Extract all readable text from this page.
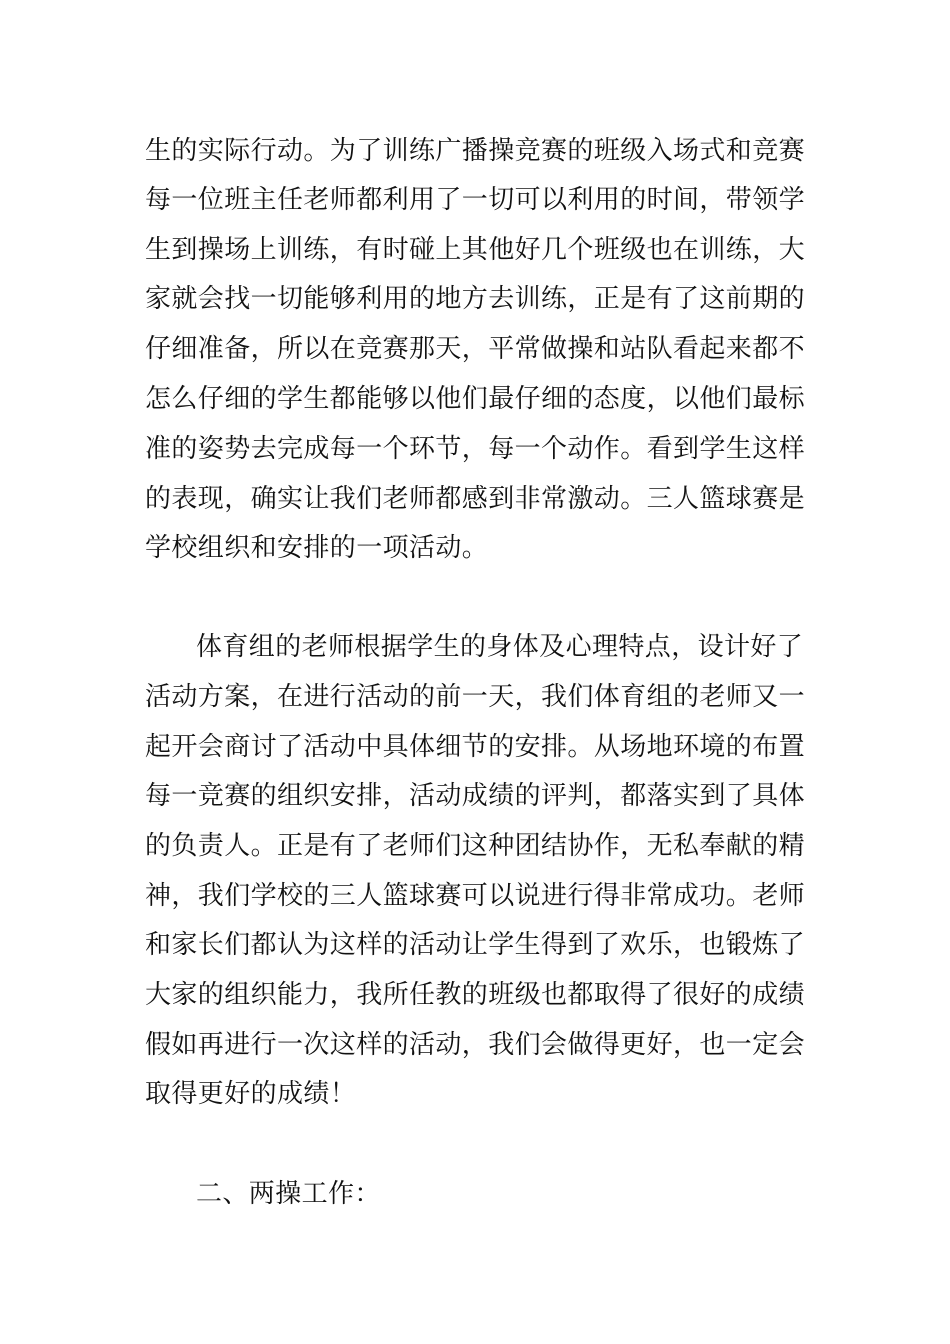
生的实际行动。为了训练广播操竞赛的班级入场式和竞赛
每一位班主任老师都利用了一切可以利用的时间，带领学
生到操场上训练，有时碰上其他好几个班级也在训练，大
家就会找一切能够利用的地方去训练，正是有了这前期的
仔细准备，所以在竞赛那天，平常做操和站队看起来都不
怎么仔细的学生都能够以他们最仔细的态度，以他们最标
准的姿势去完成每一个环节，每一个动作。看到学生这样
的表现，确实让我们老师都感到非常激动。三人篮球赛是
学校组织和安排的一项活动。
体育组的老师根据学生的身体及心理特点，设计好了
活动方案，在进行活动的前一天，我们体育组的老师又一
起开会商讨了活动中具体细节的安排。从场地环境的布置
每一竞赛的组织安排，活动成绩的评判，都落实到了具体
的负责人。正是有了老师们这种团结协作，无私奉献的精
神，我们学校的三人篮球赛可以说进行得非常成功。老师
和家长们都认为这样的活动让学生得到了欢乐，也锻炼了
大家的组织能力，我所任教的班级也都取得了很好的成绩
假如再进行一次这样的活动，我们会做得更好，也一定会
取得更好的成绩！
二、两操工作：
